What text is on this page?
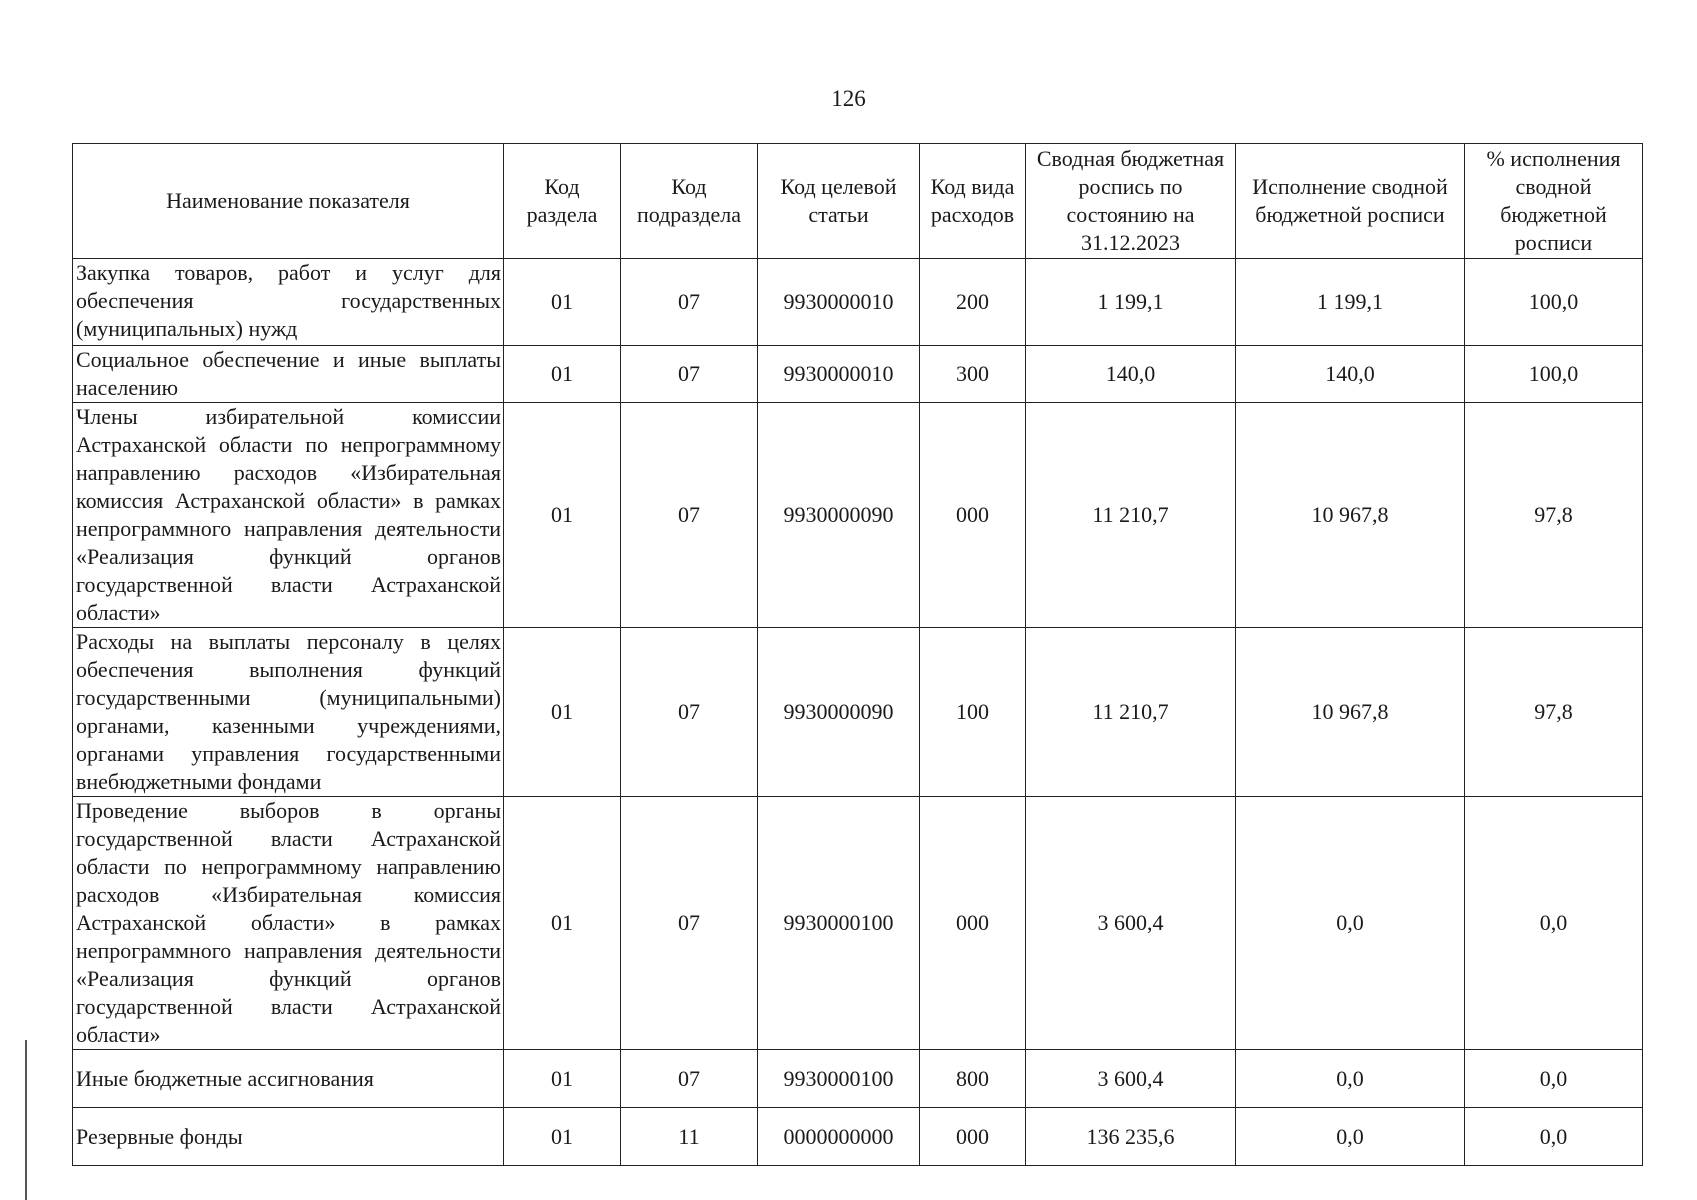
126
Наименование показателя	Код раздела	Код подраздела	Код целевой статьи	Код вида расходов	Сводная бюджетная роспись по состоянию на 31.12.2023	Исполнение сводной бюджетной росписи	% исполнения сводной бюджетной росписи
Закупка товаров, работ и услуг для обеспечения государственных (муниципальных) нужд	01	07	9930000010	200	1 199,1	1 199,1	100,0
Социальное обеспечение и иные выплаты населению	01	07	9930000010	300	140,0	140,0	100,0
Члены избирательной комиссии Астраханской области по непрограммному направлению расходов «Избирательная комиссия Астраханской области» в рамках непрограммного направления деятельности «Реализация функций органов государственной власти Астраханской области»	01	07	9930000090	000	11 210,7	10 967,8	97,8
Расходы на выплаты персоналу в целях обеспечения выполнения функций государственными (муниципальными) органами, казенными учреждениями, органами управления государственными внебюджетными фондами	01	07	9930000090	100	11 210,7	10 967,8	97,8
Проведение выборов в органы государственной власти Астраханской области по непрограммному направлению расходов «Избирательная комиссия Астраханской области» в рамках непрограммного направления деятельности «Реализация функций органов государственной власти Астраханской области»	01	07	9930000100	000	3 600,4	0,0	0,0
Иные бюджетные ассигнования	01	07	9930000100	800	3 600,4	0,0	0,0
Резервные фонды	01	11	0000000000	000	136 235,6	0,0	0,0
